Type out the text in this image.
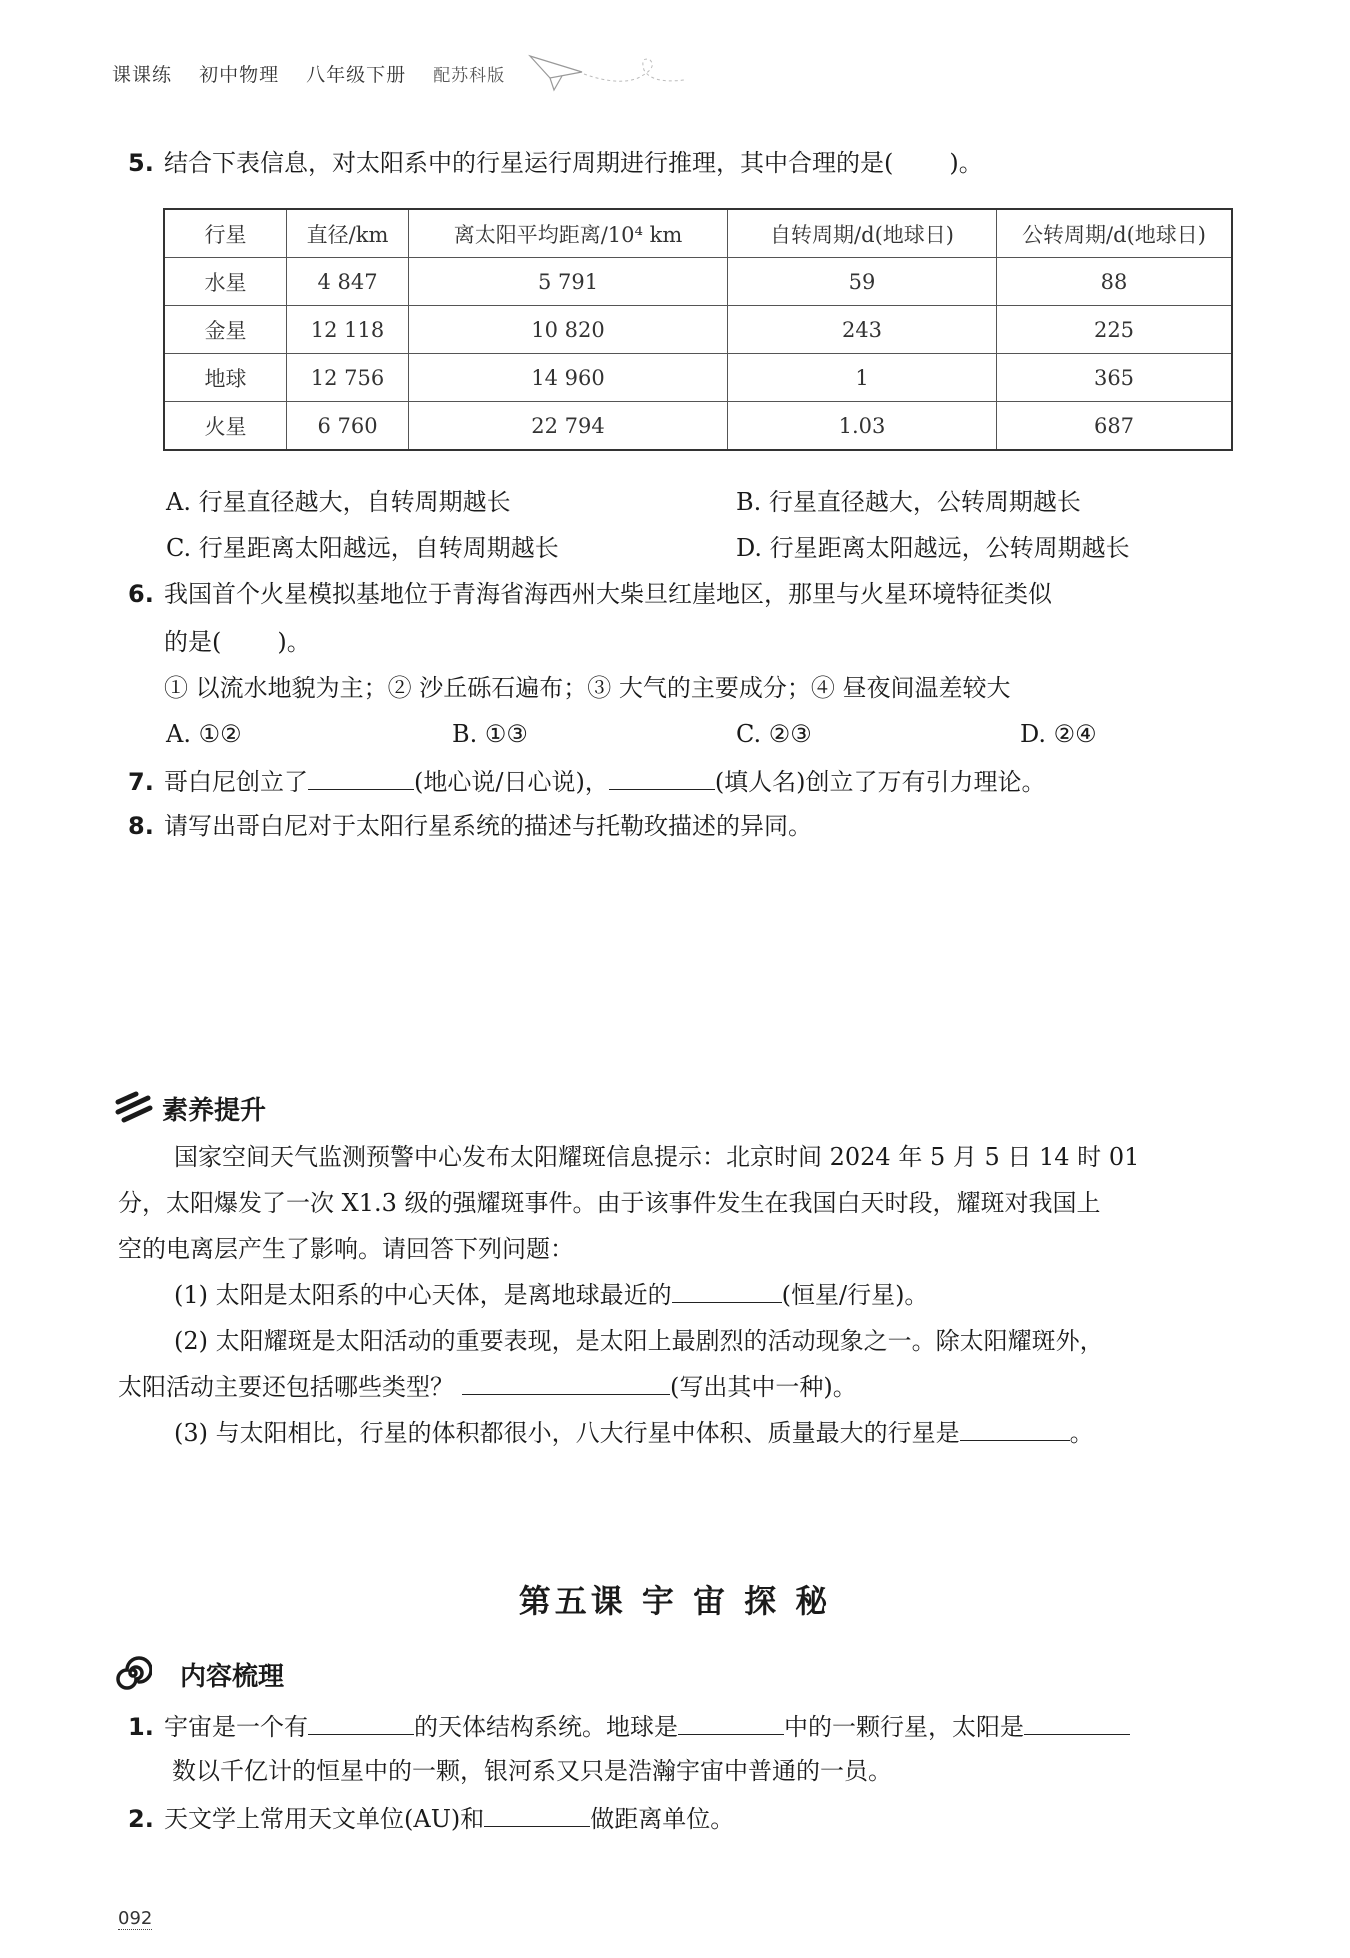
课课练 初中物理 八年级下册 配苏科版
5. 结合下表信息，对太阳系中的行星运行周期进行推理，其中合理的是( )。
行星	直径/km	离太阳平均距离/10⁴ km	自转周期/d(地球日)	公转周期/d(地球日)
水星	4 847	5 791	59	88
金星	12 118	10 820	243	225
地球	12 756	14 960	1	365
火星	6 760	22 794	1.03	687
A. 行星直径越大，自转周期越长	B. 行星直径越大，公转周期越长
C. 行星距离太阳越远，自转周期越长	D. 行星距离太阳越远，公转周期越长
6. 我国首个火星模拟基地位于青海省海西州大柴旦红崖地区，那里与火星环境特征类似
的是( )。
① 以流水地貌为主；② 沙丘砾石遍布；③ 大气的主要成分；④ 昼夜间温差较大
A. ①②	B. ①③	C. ②③	D. ②④
7. 哥白尼创立了	(地心说/日心说)，	(填人名)创立了万有引力理论。
8. 请写出哥白尼对于太阳行星系统的描述与托勒玫描述的异同。
素养提升
国家空间天气监测预警中心发布太阳耀斑信息提示：北京时间 2024 年 5 月 5 日 14 时 01
分，太阳爆发了一次 X1.3 级的强耀斑事件。由于该事件发生在我国白天时段，耀斑对我国上
空的电离层产生了影响。请回答下列问题：
(1) 太阳是太阳系的中心天体，是离地球最近的	(恒星/行星)。
(2) 太阳耀斑是太阳活动的重要表现，是太阳上最剧烈的活动现象之一。除太阳耀斑外，
太阳活动主要还包括哪些类型？	(写出其中一种)。
(3) 与太阳相比，行星的体积都很小，八大行星中体积、质量最大的行星是	。
第五课 宇 宙 探 秘
内容梳理
1. 宇宙是一个有	的天体结构系统。地球是	中的一颗行星，太阳是
数以千亿计的恒星中的一颗，银河系又只是浩瀚宇宙中普通的一员。
2. 天文学上常用天文单位(AU)和	做距离单位。
092
